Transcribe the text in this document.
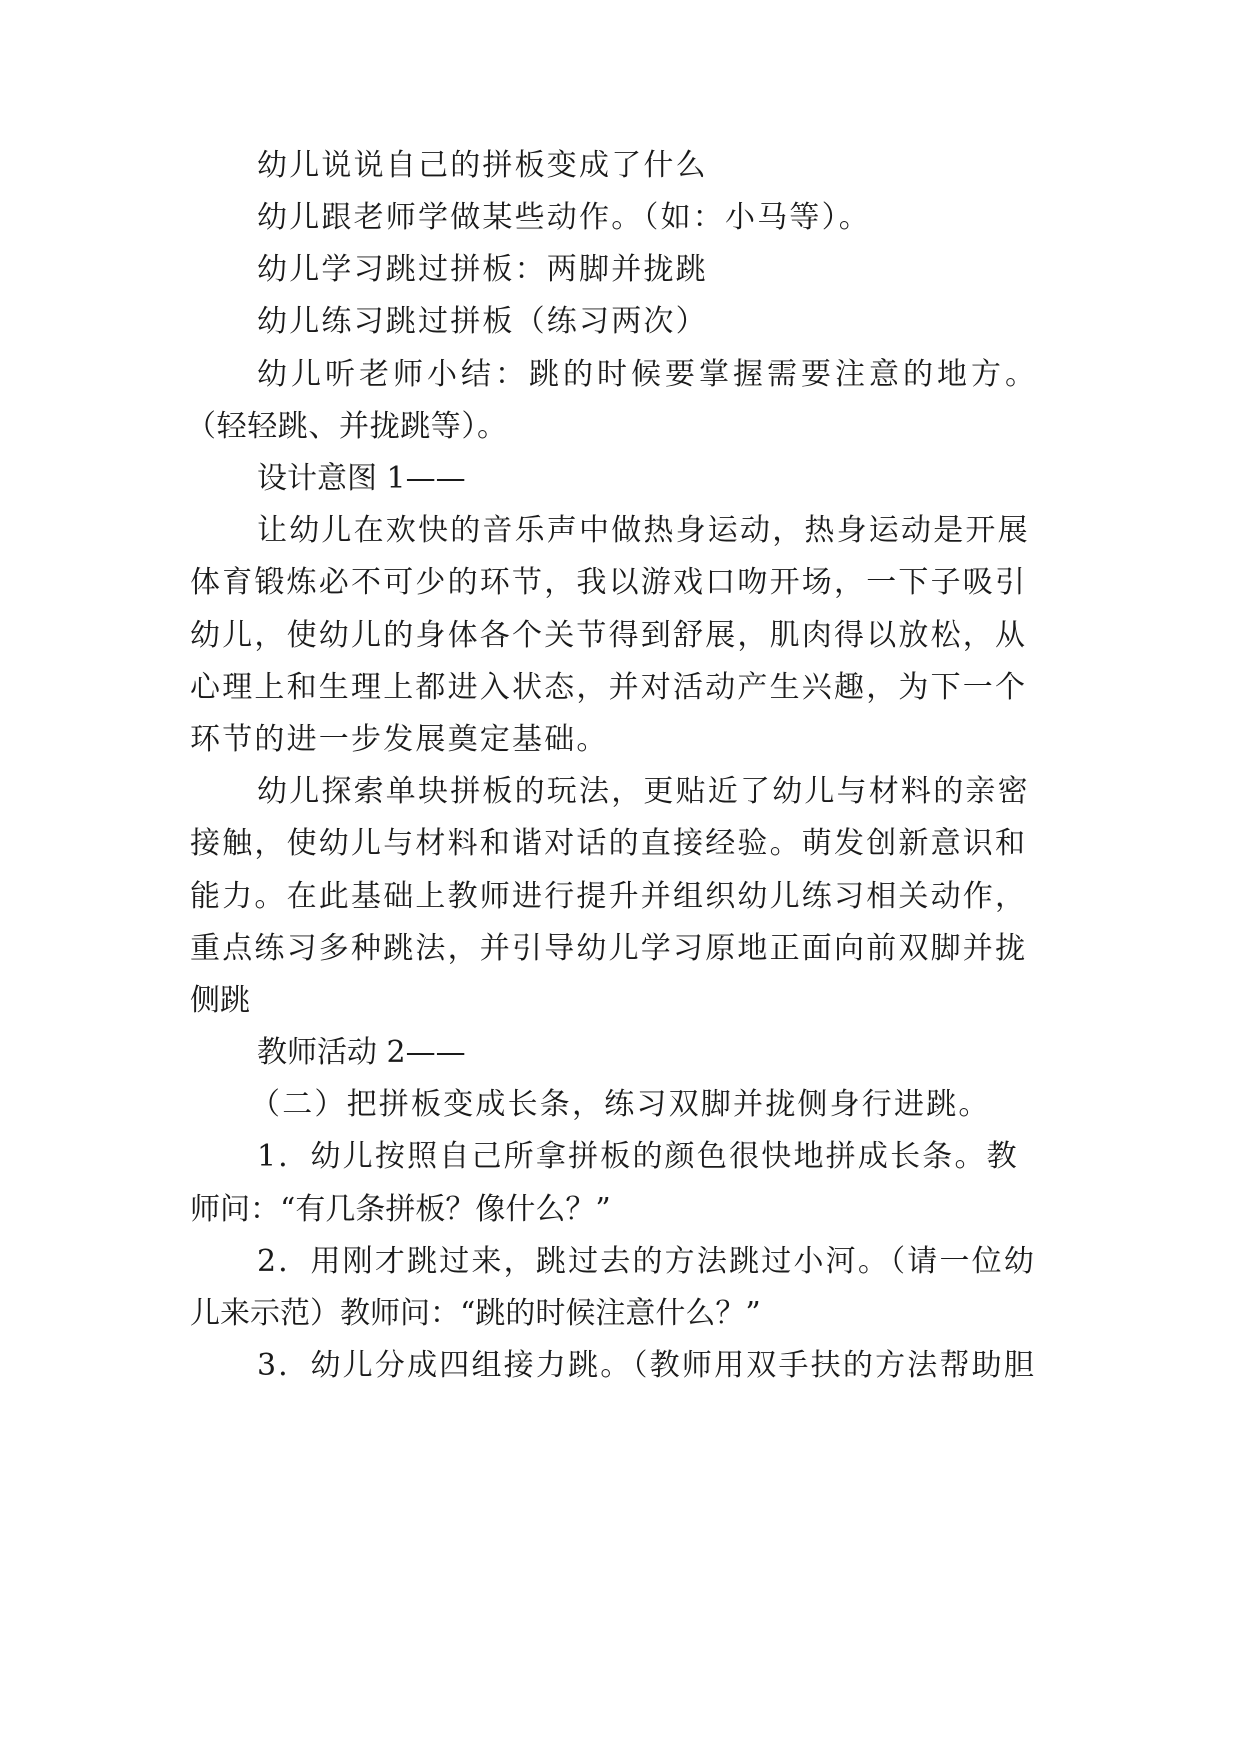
幼儿说说自己的拼板变成了什么

幼儿跟老师学做某些动作。（如：小马等）。

幼儿学习跳过拼板：两脚并拢跳

幼儿练习跳过拼板（练习两次）

幼儿听老师小结：跳的时候要掌握需要注意的地方。

（轻轻跳、并拢跳等）。

设计意图 1——

让幼儿在欢快的音乐声中做热身运动，热身运动是开展

体育锻炼必不可少的环节，我以游戏口吻开场，一下子吸引

幼儿，使幼儿的身体各个关节得到舒展，肌肉得以放松，从

心理上和生理上都进入状态，并对活动产生兴趣，为下一个

环节的进一步发展奠定基础。

幼儿探索单块拼板的玩法，更贴近了幼儿与材料的亲密

接触，使幼儿与材料和谐对话的直接经验。萌发创新意识和

能力。在此基础上教师进行提升并组织幼儿练习相关动作，

重点练习多种跳法，并引导幼儿学习原地正面向前双脚并拢

侧跳

教师活动 2——

（二）把拼板变成长条，练习双脚并拢侧身行进跳。

1．幼儿按照自己所拿拼板的颜色很快地拼成长条。教

师问：“有几条拼板？像什么？”

2．用刚才跳过来，跳过去的方法跳过小河。（请一位幼

儿来示范）教师问：“跳的时候注意什么？”

3．幼儿分成四组接力跳。（教师用双手扶的方法帮助胆
